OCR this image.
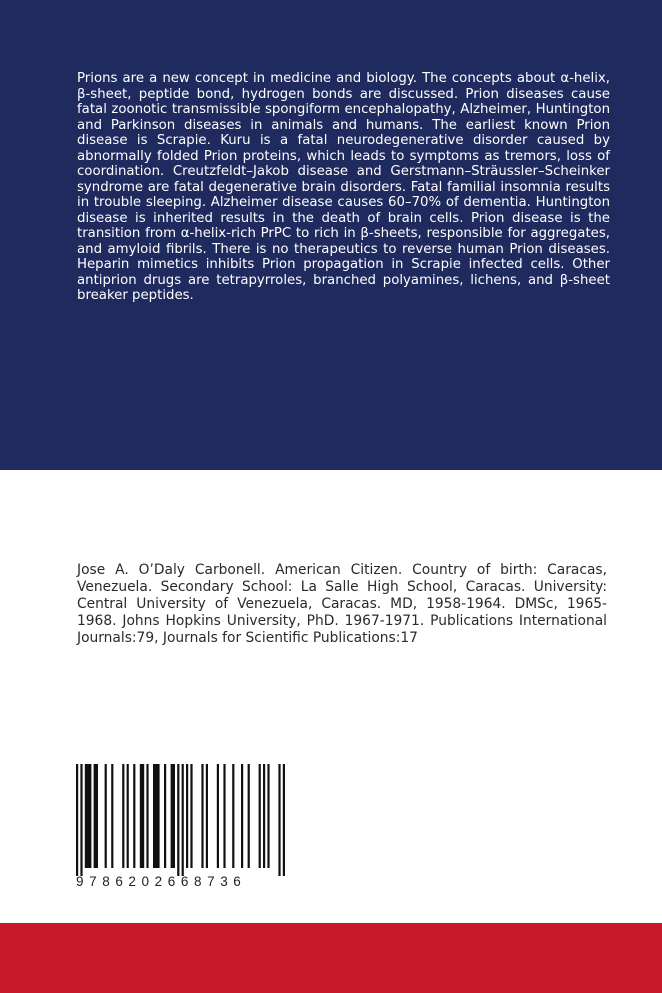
Prions are a new concept in medicine and biology. The concepts about α-helix, β-sheet, peptide bond, hydrogen bonds are discussed. Prion diseases cause fatal zoonotic transmissible spongiform encephalopathy, Alzheimer, Huntington and Parkinson diseases in animals and humans. The earliest known Prion disease is Scrapie. Kuru is a fatal neurodegenerative disorder caused by abnormally folded Prion proteins, which leads to symptoms as tremors, loss of coordination. Creutzfeldt–Jakob disease and Gerstmann–Sträussler–Scheinker syndrome are fatal degenerative brain disorders. Fatal familial insomnia results in trouble sleeping. Alzheimer disease causes 60–70% of dementia. Huntington disease is inherited results in the death of brain cells. Prion disease is the transition from α-helix-rich PrPC to rich in β-sheets, responsible for aggregates, and amyloid fibrils. There is no therapeutics to reverse human Prion diseases. Heparin mimetics inhibits Prion propagation in Scrapie infected cells. Other antiprion drugs are tetrapyrroles, branched polyamines, lichens, and β-sheet breaker peptides.

Jose A. O’Daly Carbonell. American Citizen. Country of birth: Caracas, Venezuela. Secondary School: La Salle High School, Caracas. University: Central University of Venezuela, Caracas. MD, 1958-1964. DMSc, 1965-1968. Johns Hopkins University, PhD. 1967-1971. Publications International Journals:79, Journals for Scientific Publications:17

9786202668736
